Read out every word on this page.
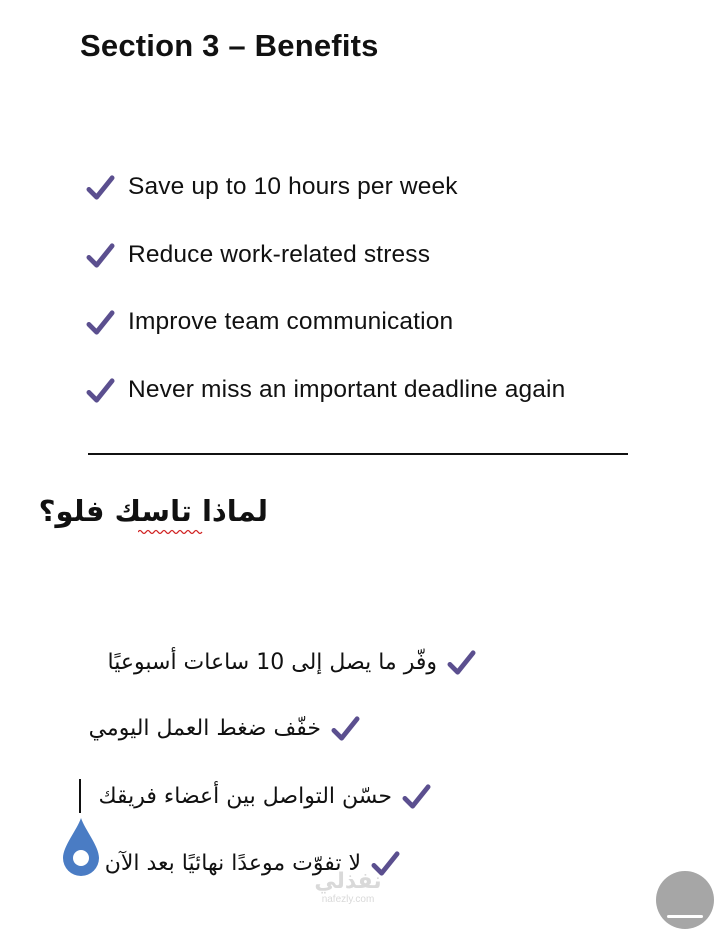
Section 3 – Benefits
Save up to 10 hours per week
Reduce work-related stress
Improve team communication
Never miss an important deadline again
لماذا تاسك فلو؟
وفّر ما يصل إلى 10 ساعات أسبوعيًا
خفّف ضغط العمل اليومي
حسّن التواصل بين أعضاء فريقك
لا تفوّت موعدًا نهائيًا بعد الآن
نفذلي
nafezly.com
